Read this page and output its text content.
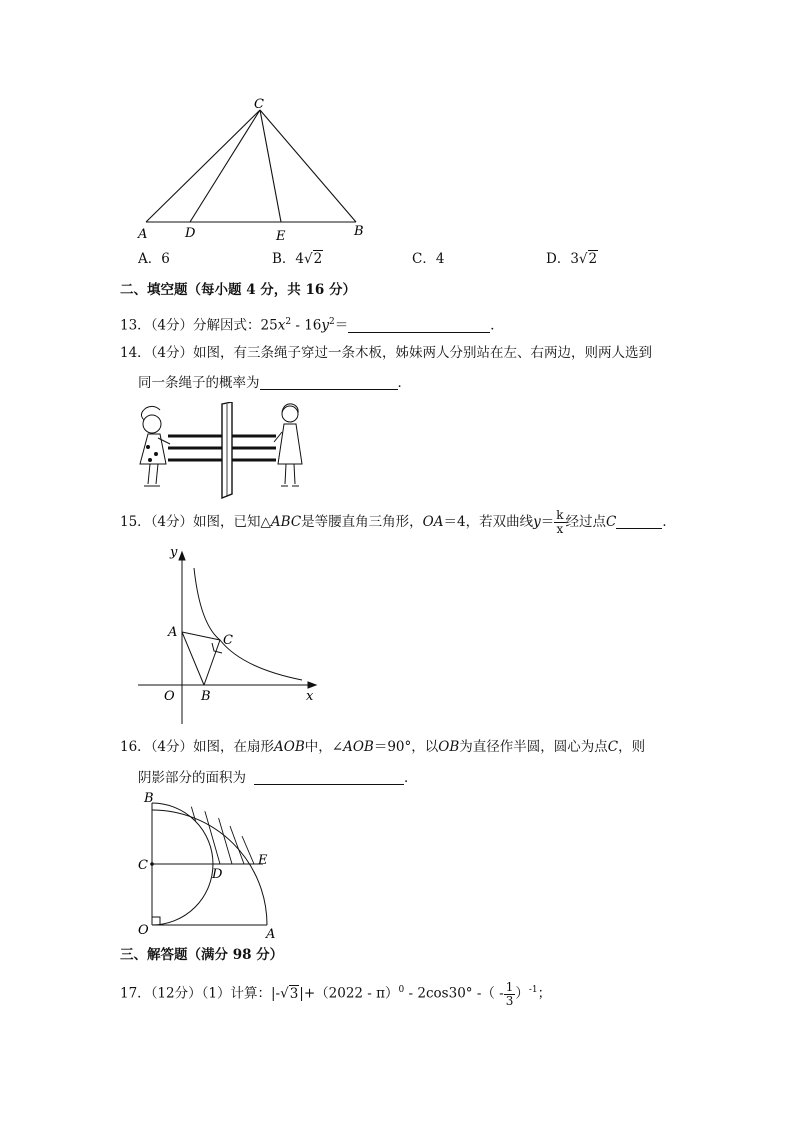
C
A	D	E	B
A．6	B．4√2	C．4	D．3√2
二、填空题（每小题 4 分，共 16 分）
13．（4分）分解因式：$25x^2 - 16y^2=$	．
14．（4分）如图，有三条绳子穿过一条木板，姊妹两人分别站在左、右两边，则两人选到
同一条绳子的概率为	．
15．（4分）如图，已知△ABC是等腰直角三角形，OA＝4，若双曲线$y= \frac{k}{x}$ 经过点C	．
y
x
A
C
O B
16．（4分）如图，在扇形AOB中，∠AOB＝90°，以OB为直径作半圆，圆心为点C，则
阴影部分的面积为	．
B
C
D
E
O	A
三、解答题（满分 98 分）
17．（12分）（1）计算：|-√3|+（2022 - π）$^0$ - 2cos30° -（ - $\frac{1}{3} )^{-1}$；
